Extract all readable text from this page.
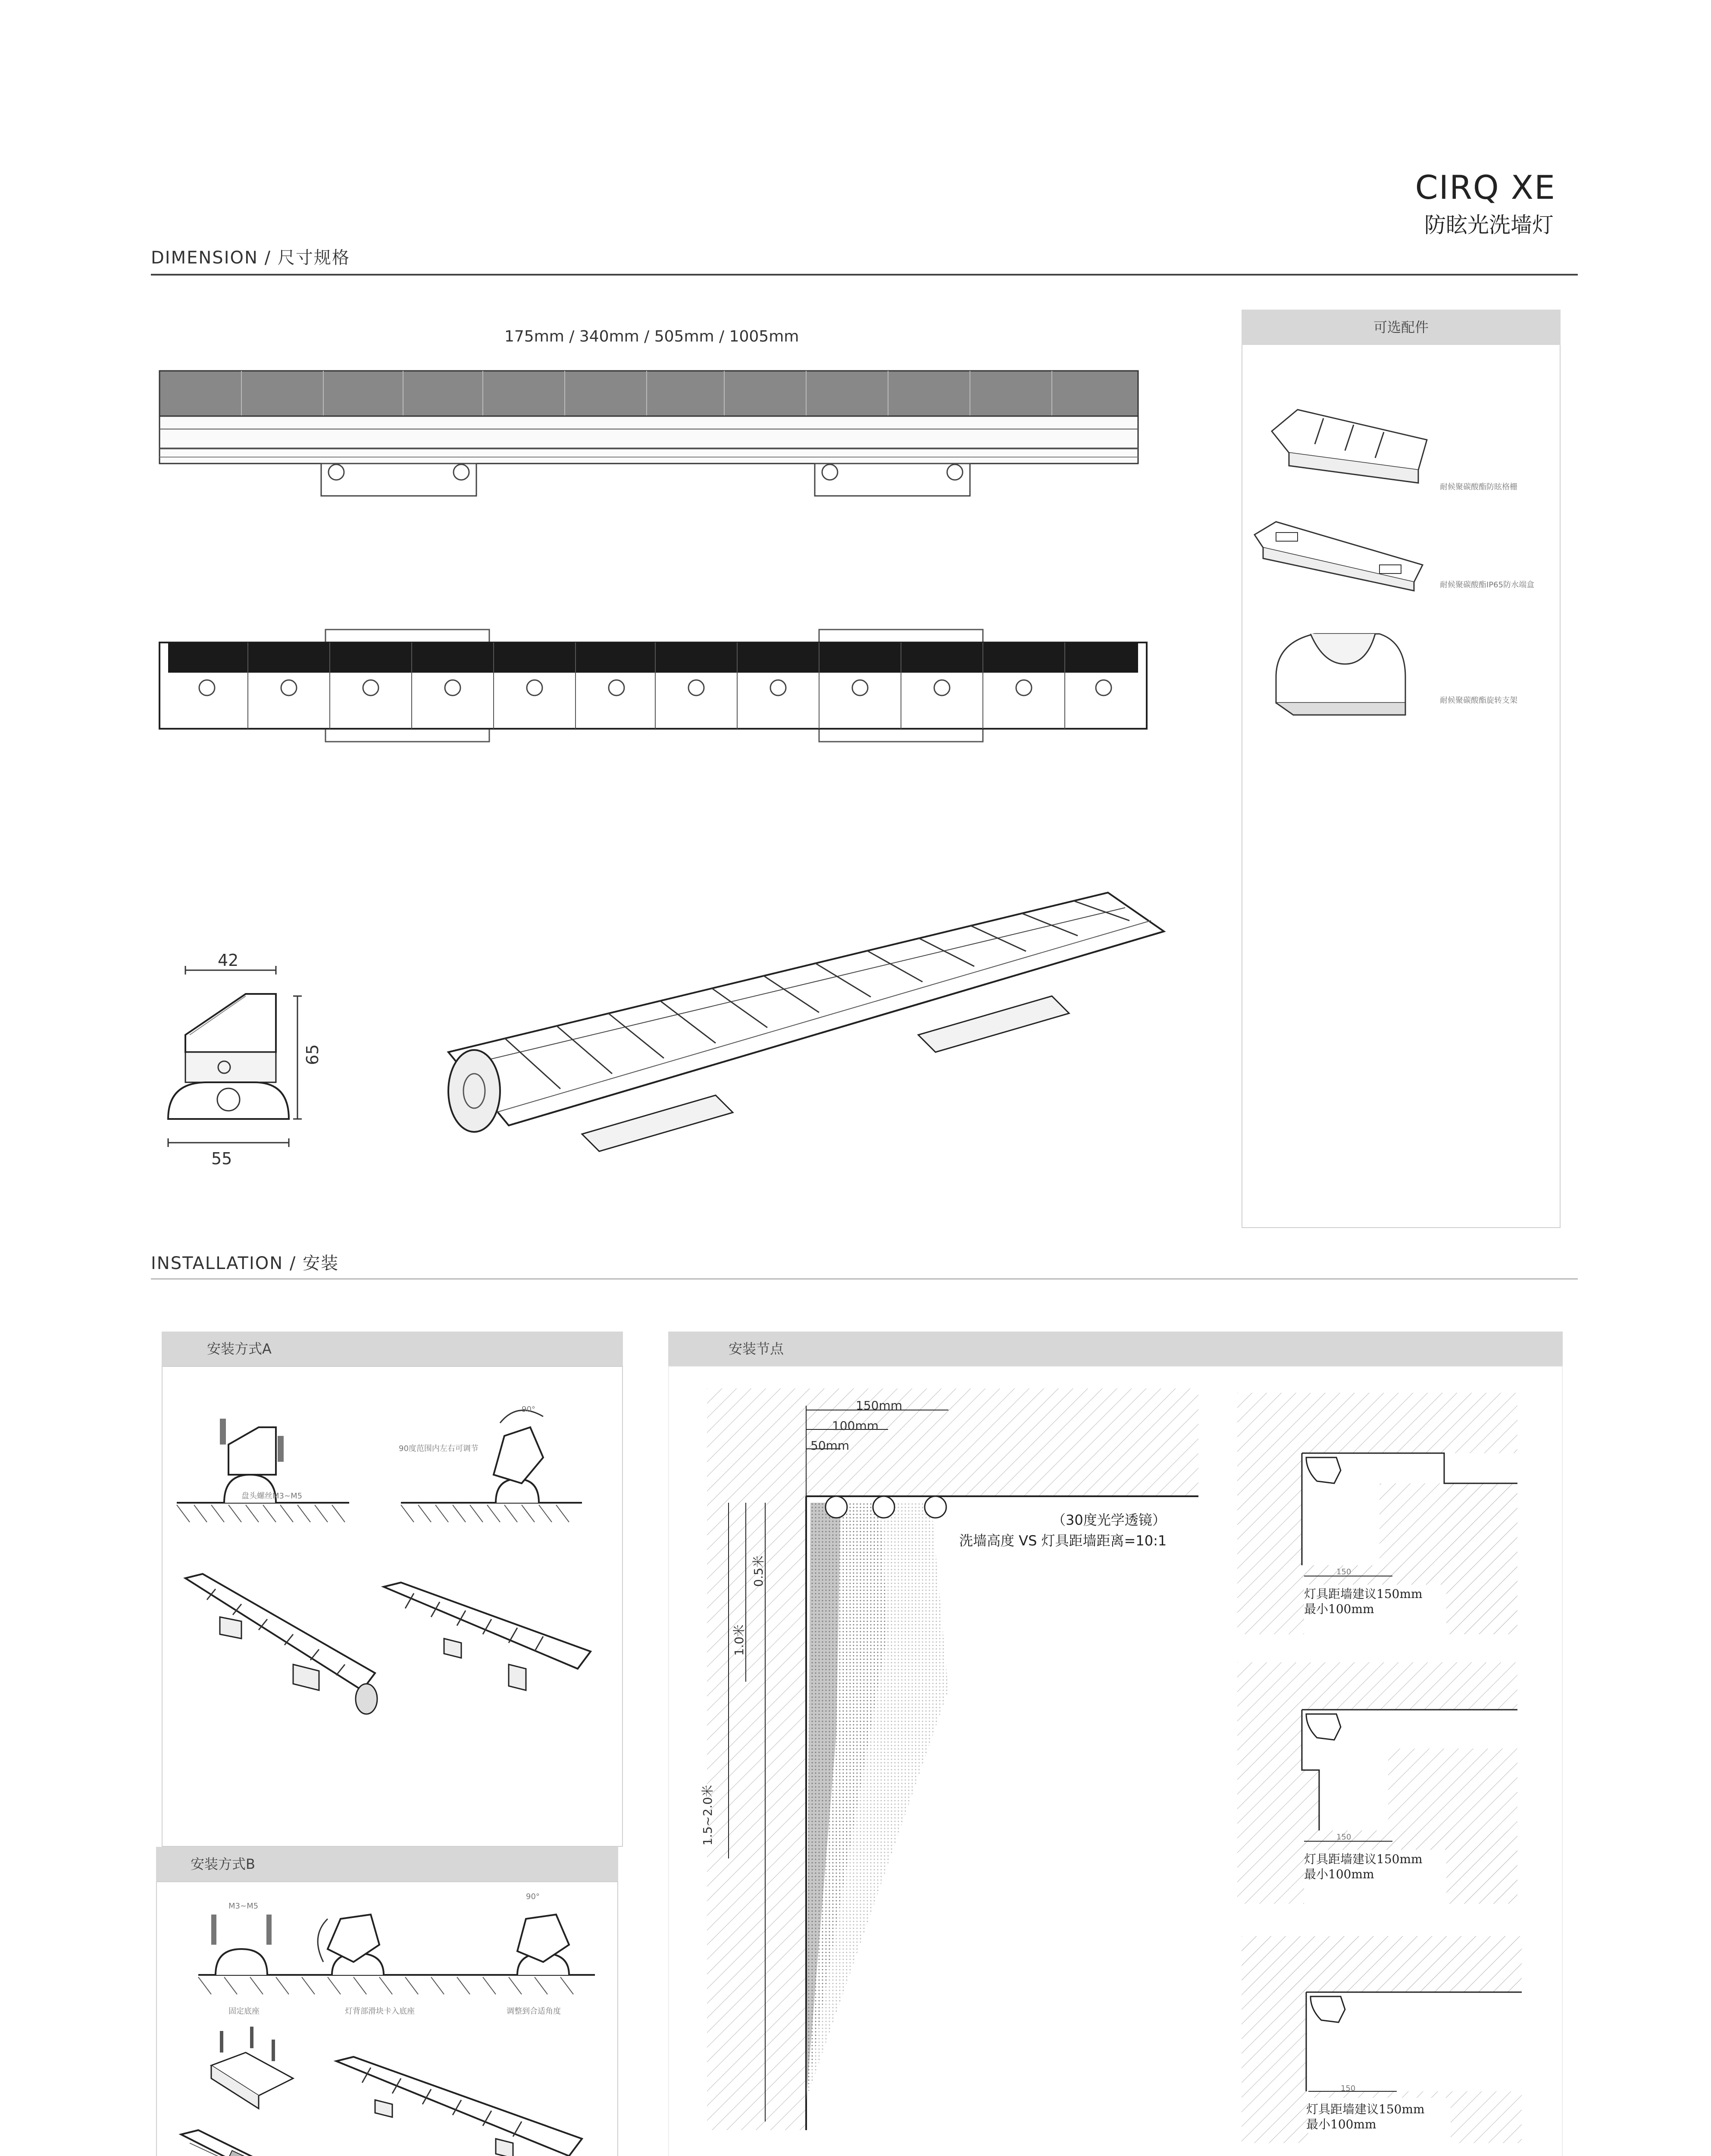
CIRQ XE
防眩光洗墙灯
DIMENSION / 尺寸规格
175mm / 340mm / 505mm / 1005mm
42
65
55
可选配件
耐候聚碳酸酯防眩格栅
耐候聚碳酸酯IP65防水端盒
耐候聚碳酸酯旋转支架
INSTALLATION / 安装
安装方式A
盘头螺丝M3~M5
90度范围内左右可调节
90°
安装方式B
M3~M5
90°
固定底座	灯背部滑块卡入底座	调整到合适角度
安装节点
150mm
100mm
50mm
0.5米
1.0米
1.5~2.0米
（30度光学透镜）
洗墙高度 VS 灯具距墙距离=10:1
150
灯具距墙建议150mm
最小100mm
150
灯具距墙建议150mm
最小100mm
150
灯具距墙建议150mm
最小100mm
